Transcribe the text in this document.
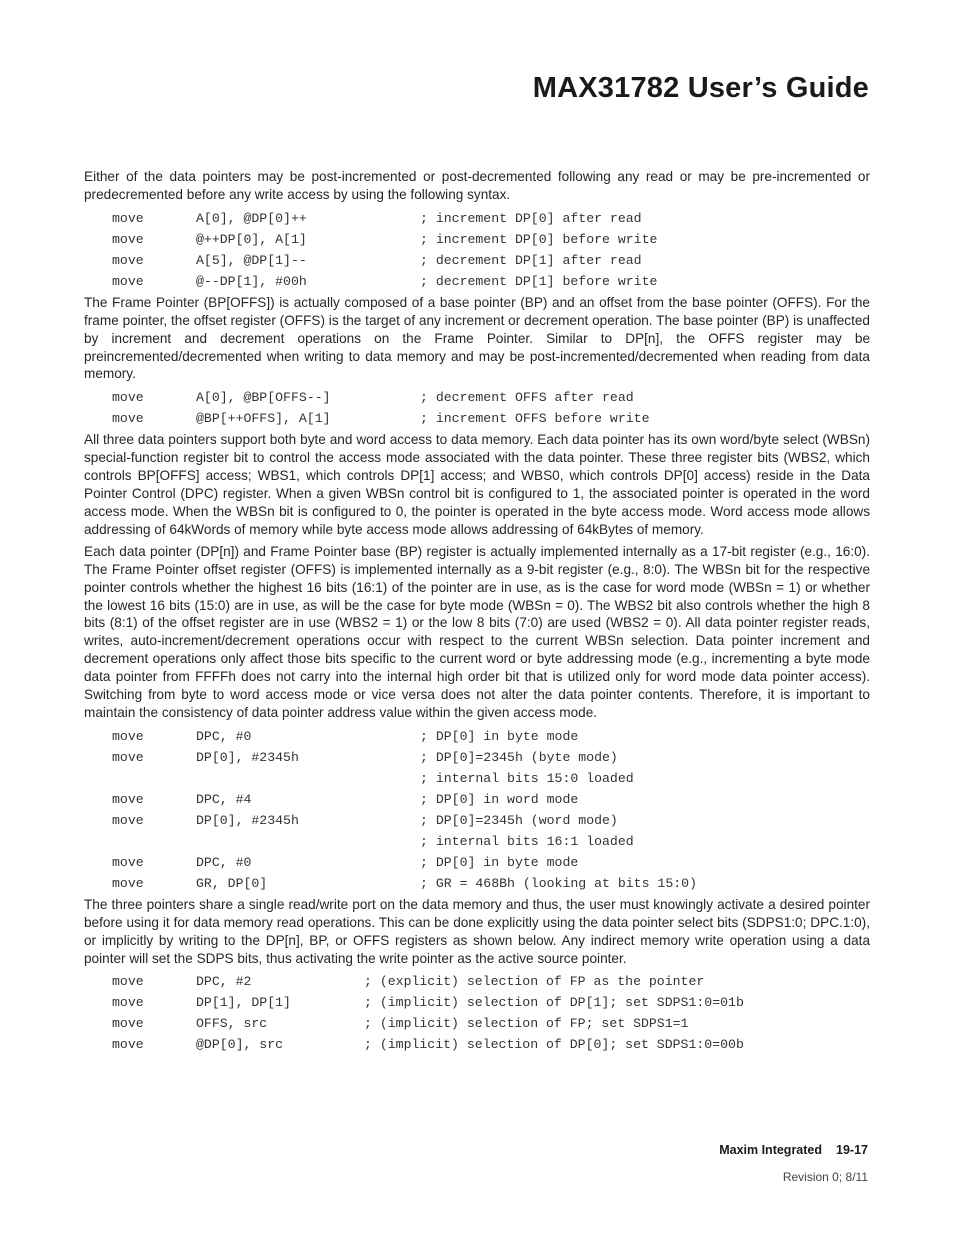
MAX31782 User’s Guide

Either of the data pointers may be post-incremented or post-decremented following any read or may be pre-incremented or predecremented before any write access by using the following syntax.

move	A[0], @DP[0]++	; increment DP[0] after read
move	@++DP[0], A[1]	; increment DP[0] before write
move	A[5], @DP[1]--	; decrement DP[1] after read
move	@--DP[1], #00h	; decrement DP[1] before write

The Frame Pointer (BP[OFFS]) is actually composed of a base pointer (BP) and an offset from the base pointer (OFFS). For the frame pointer, the offset register (OFFS) is the target of any increment or decrement operation. The base pointer (BP) is unaffected by increment and decrement operations on the Frame Pointer. Similar to DP[n], the OFFS register may be preincremented/decremented when writing to data memory and may be post-incremented/decremented when reading from data memory.

move	A[0], @BP[OFFS--]	; decrement OFFS after read
move	@BP[++OFFS], A[1]	; increment OFFS before write

All three data pointers support both byte and word access to data memory. Each data pointer has its own word/byte select (WBSn) special-function register bit to control the access mode associated with the data pointer. These three register bits (WBS2, which controls BP[OFFS] access; WBS1, which controls DP[1] access; and WBS0, which controls DP[0] access) reside in the Data Pointer Control (DPC) register. When a given WBSn control bit is configured to 1, the associated pointer is operated in the word access mode. When the WBSn bit is configured to 0, the pointer is operated in the byte access mode. Word access mode allows addressing of 64kWords of memory while byte access mode allows addressing of 64kBytes of memory.

Each data pointer (DP[n]) and Frame Pointer base (BP) register is actually implemented internally as a 17-bit register (e.g., 16:0). The Frame Pointer offset register (OFFS) is implemented internally as a 9-bit register (e.g., 8:0). The WBSn bit for the respective pointer controls whether the highest 16 bits (16:1) of the pointer are in use, as is the case for word mode (WBSn = 1) or whether the lowest 16 bits (15:0) are in use, as will be the case for byte mode (WBSn = 0). The WBS2 bit also controls whether the high 8 bits (8:1) of the offset register are in use (WBS2 = 1) or the low 8 bits (7:0) are used (WBS2 = 0). All data pointer register reads, writes, auto-increment/decrement operations occur with respect to the current WBSn selection. Data pointer increment and decrement operations only affect those bits specific to the current word or byte addressing mode (e.g., incrementing a byte mode data pointer from FFFFh does not carry into the internal high order bit that is utilized only for word mode data pointer access). Switching from byte to word access mode or vice versa does not alter the data pointer contents. Therefore, it is important to maintain the consistency of data pointer address value within the given access mode.

move	DPC, #0	; DP[0] in byte mode
move	DP[0], #2345h	; DP[0]=2345h (byte mode)
; internal bits 15:0 loaded
move	DPC, #4	; DP[0] in word mode
move	DP[0], #2345h	; DP[0]=2345h (word mode)
; internal bits 16:1 loaded
move	DPC, #0	; DP[0] in byte mode
move	GR, DP[0]	; GR = 468Bh (looking at bits 15:0)

The three pointers share a single read/write port on the data memory and thus, the user must knowingly activate a desired pointer before using it for data memory read operations. This can be done explicitly using the data pointer select bits (SDPS1:0; DPC.1:0), or implicitly by writing to the DP[n], BP, or OFFS registers as shown below. Any indirect memory write operation using a data pointer will set the SDPS bits, thus activating the write pointer as the active source pointer.

move	DPC, #2	; (explicit) selection of FP as the pointer
move	DP[1], DP[1]	; (implicit) selection of DP[1]; set SDPS1:0=01b
move	OFFS, src	; (implicit) selection of FP; set SDPS1=1
move	@DP[0], src	; (implicit) selection of DP[0]; set SDPS1:0=00b
Maxim Integrated 19-17
Revision 0; 8/11
